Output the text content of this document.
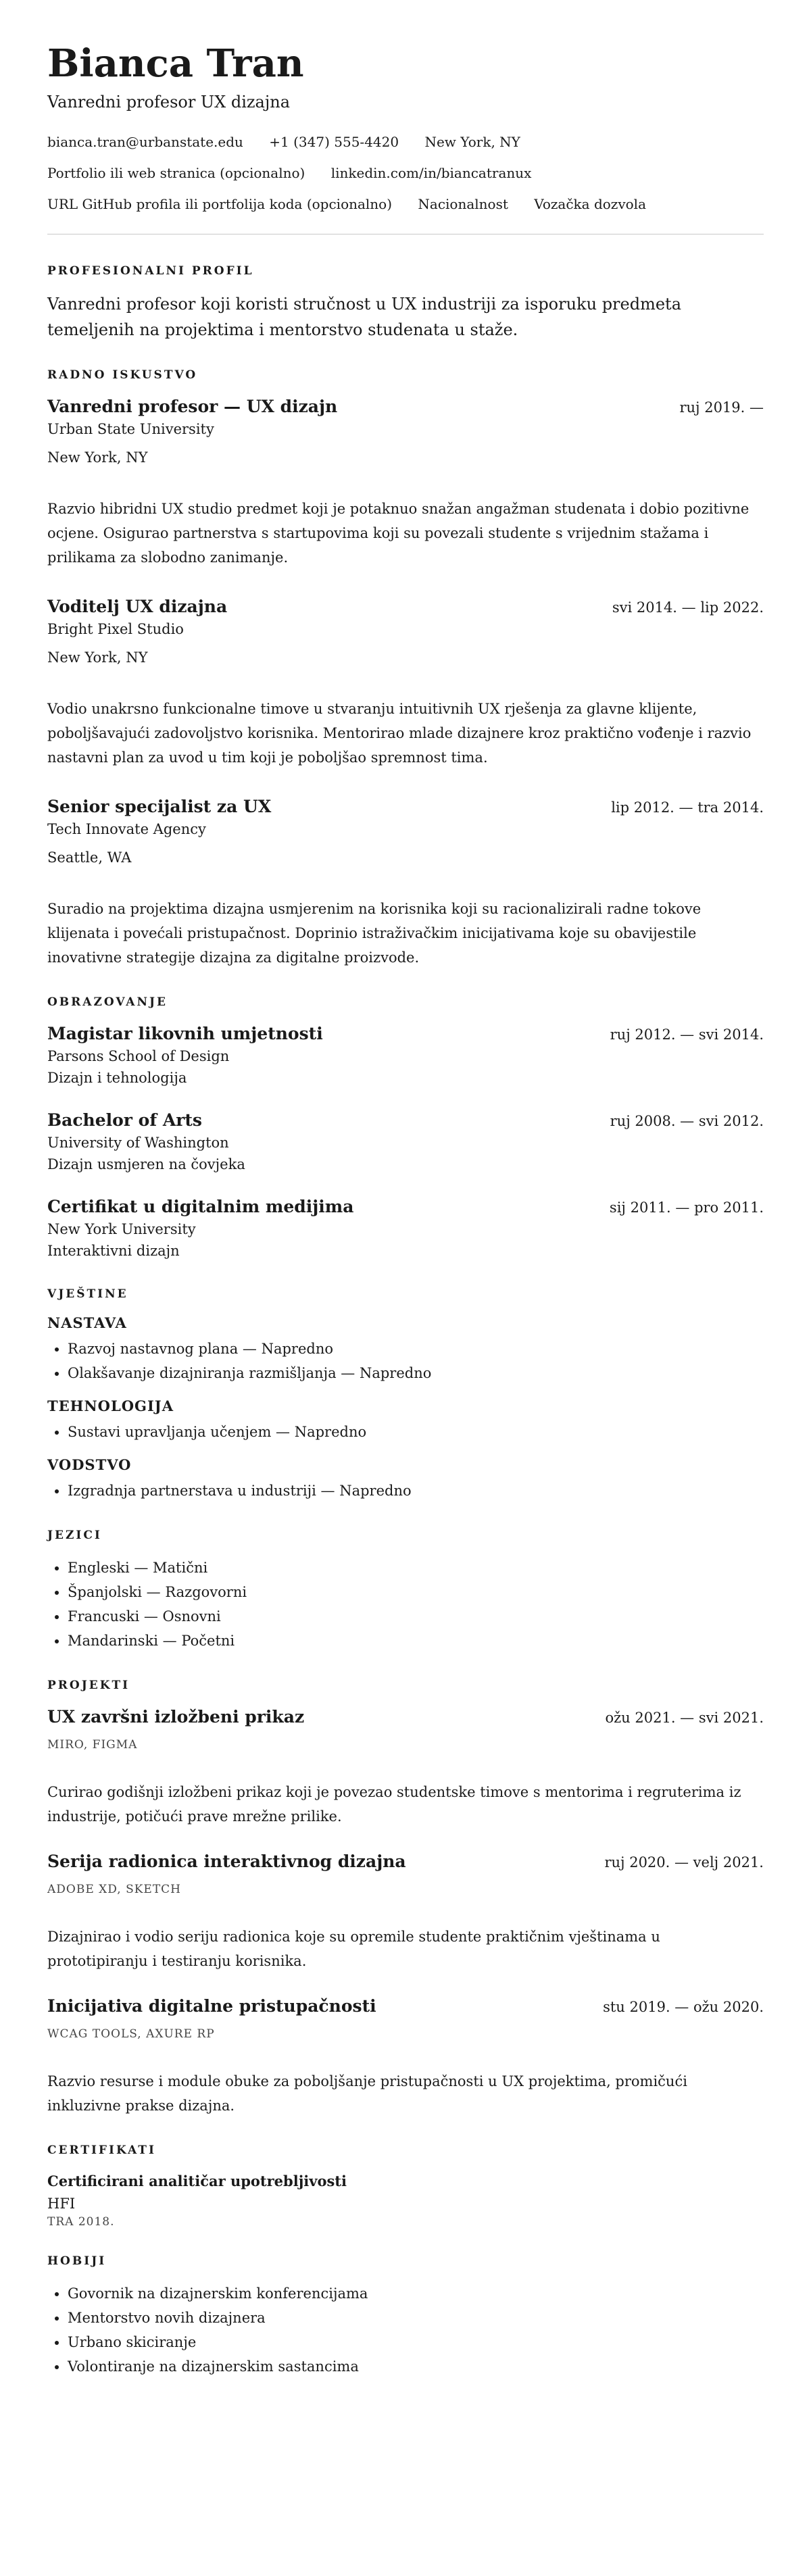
Bianca Tran
Vanredni profesor UX dizajna
bianca.tran@urbanstate.edu +1 (347) 555-4420 New York, NY
Portfolio ili web stranica (opcionalno) linkedin.com/in/biancatranux
URL GitHub profila ili portfolija koda (opcionalno) Nacionalnost Vozačka dozvola
PROFESIONALNI PROFIL
Vanredni profesor koji koristi stručnost u UX industriji za isporuku predmeta temeljenih na projektima i mentorstvo studenata u staže.
RADNO ISKUSTVO
Vanredni profesor — UX dizajn	ruj 2019. —
Urban State University
New York, NY
Razvio hibridni UX studio predmet koji je potaknuo snažan angažman studenata i dobio pozitivne ocjene. Osigurao partnerstva s startupovima koji su povezali studente s vrijednim stažama i prilikama za slobodno zanimanje.
Voditelj UX dizajna	svi 2014. — lip 2022.
Bright Pixel Studio
New York, NY
Vodio unakrsno funkcionalne timove u stvaranju intuitivnih UX rješenja za glavne klijente, poboljšavajući zadovoljstvo korisnika. Mentorirao mlade dizajnere kroz praktično vođenje i razvio nastavni plan za uvod u tim koji je poboljšao spremnost tima.
Senior specijalist za UX	lip 2012. — tra 2014.
Tech Innovate Agency
Seattle, WA
Suradio na projektima dizajna usmjerenim na korisnika koji su racionalizirali radne tokove klijenata i povećali pristupačnost. Doprinio istraživačkim inicijativama koje su obavijestile inovativne strategije dizajna za digitalne proizvode.
OBRAZOVANJE
Magistar likovnih umjetnosti	ruj 2012. — svi 2014.
Parsons School of Design
Dizajn i tehnologija
Bachelor of Arts	ruj 2008. — svi 2012.
University of Washington
Dizajn usmjeren na čovjeka
Certifikat u digitalnim medijima	sij 2011. — pro 2011.
New York University
Interaktivni dizajn
VJEŠTINE
NASTAVA
• Razvoj nastavnog plana — Napredno
• Olakšavanje dizajniranja razmišljanja — Napredno
TEHNOLOGIJA
• Sustavi upravljanja učenjem — Napredno
VODSTVO
• Izgradnja partnerstava u industriji — Napredno
JEZICI
• Engleski — Matični
• Španjolski — Razgovorni
• Francuski — Osnovni
• Mandarinski — Početni
PROJEKTI
UX završni izložbeni prikaz	ožu 2021. — svi 2021.
MIRO, FIGMA
Curirao godišnji izložbeni prikaz koji je povezao studentske timove s mentorima i regruterima iz industrije, potičući prave mrežne prilike.
Serija radionica interaktivnog dizajna	ruj 2020. — velj 2021.
ADOBE XD, SKETCH
Dizajnirao i vodio seriju radionica koje su opremile studente praktičnim vještinama u prototipiranju i testiranju korisnika.
Inicijativa digitalne pristupačnosti	stu 2019. — ožu 2020.
WCAG TOOLS, AXURE RP
Razvio resurse i module obuke za poboljšanje pristupačnosti u UX projektima, promičući inkluzivne prakse dizajna.
CERTIFIKATI
Certificirani analitičar upotrebljivosti
HFI
TRA 2018.
HOBIJI
• Govornik na dizajnerskim konferencijama
• Mentorstvo novih dizajnera
• Urbano skiciranje
• Volontiranje na dizajnerskim sastancima
